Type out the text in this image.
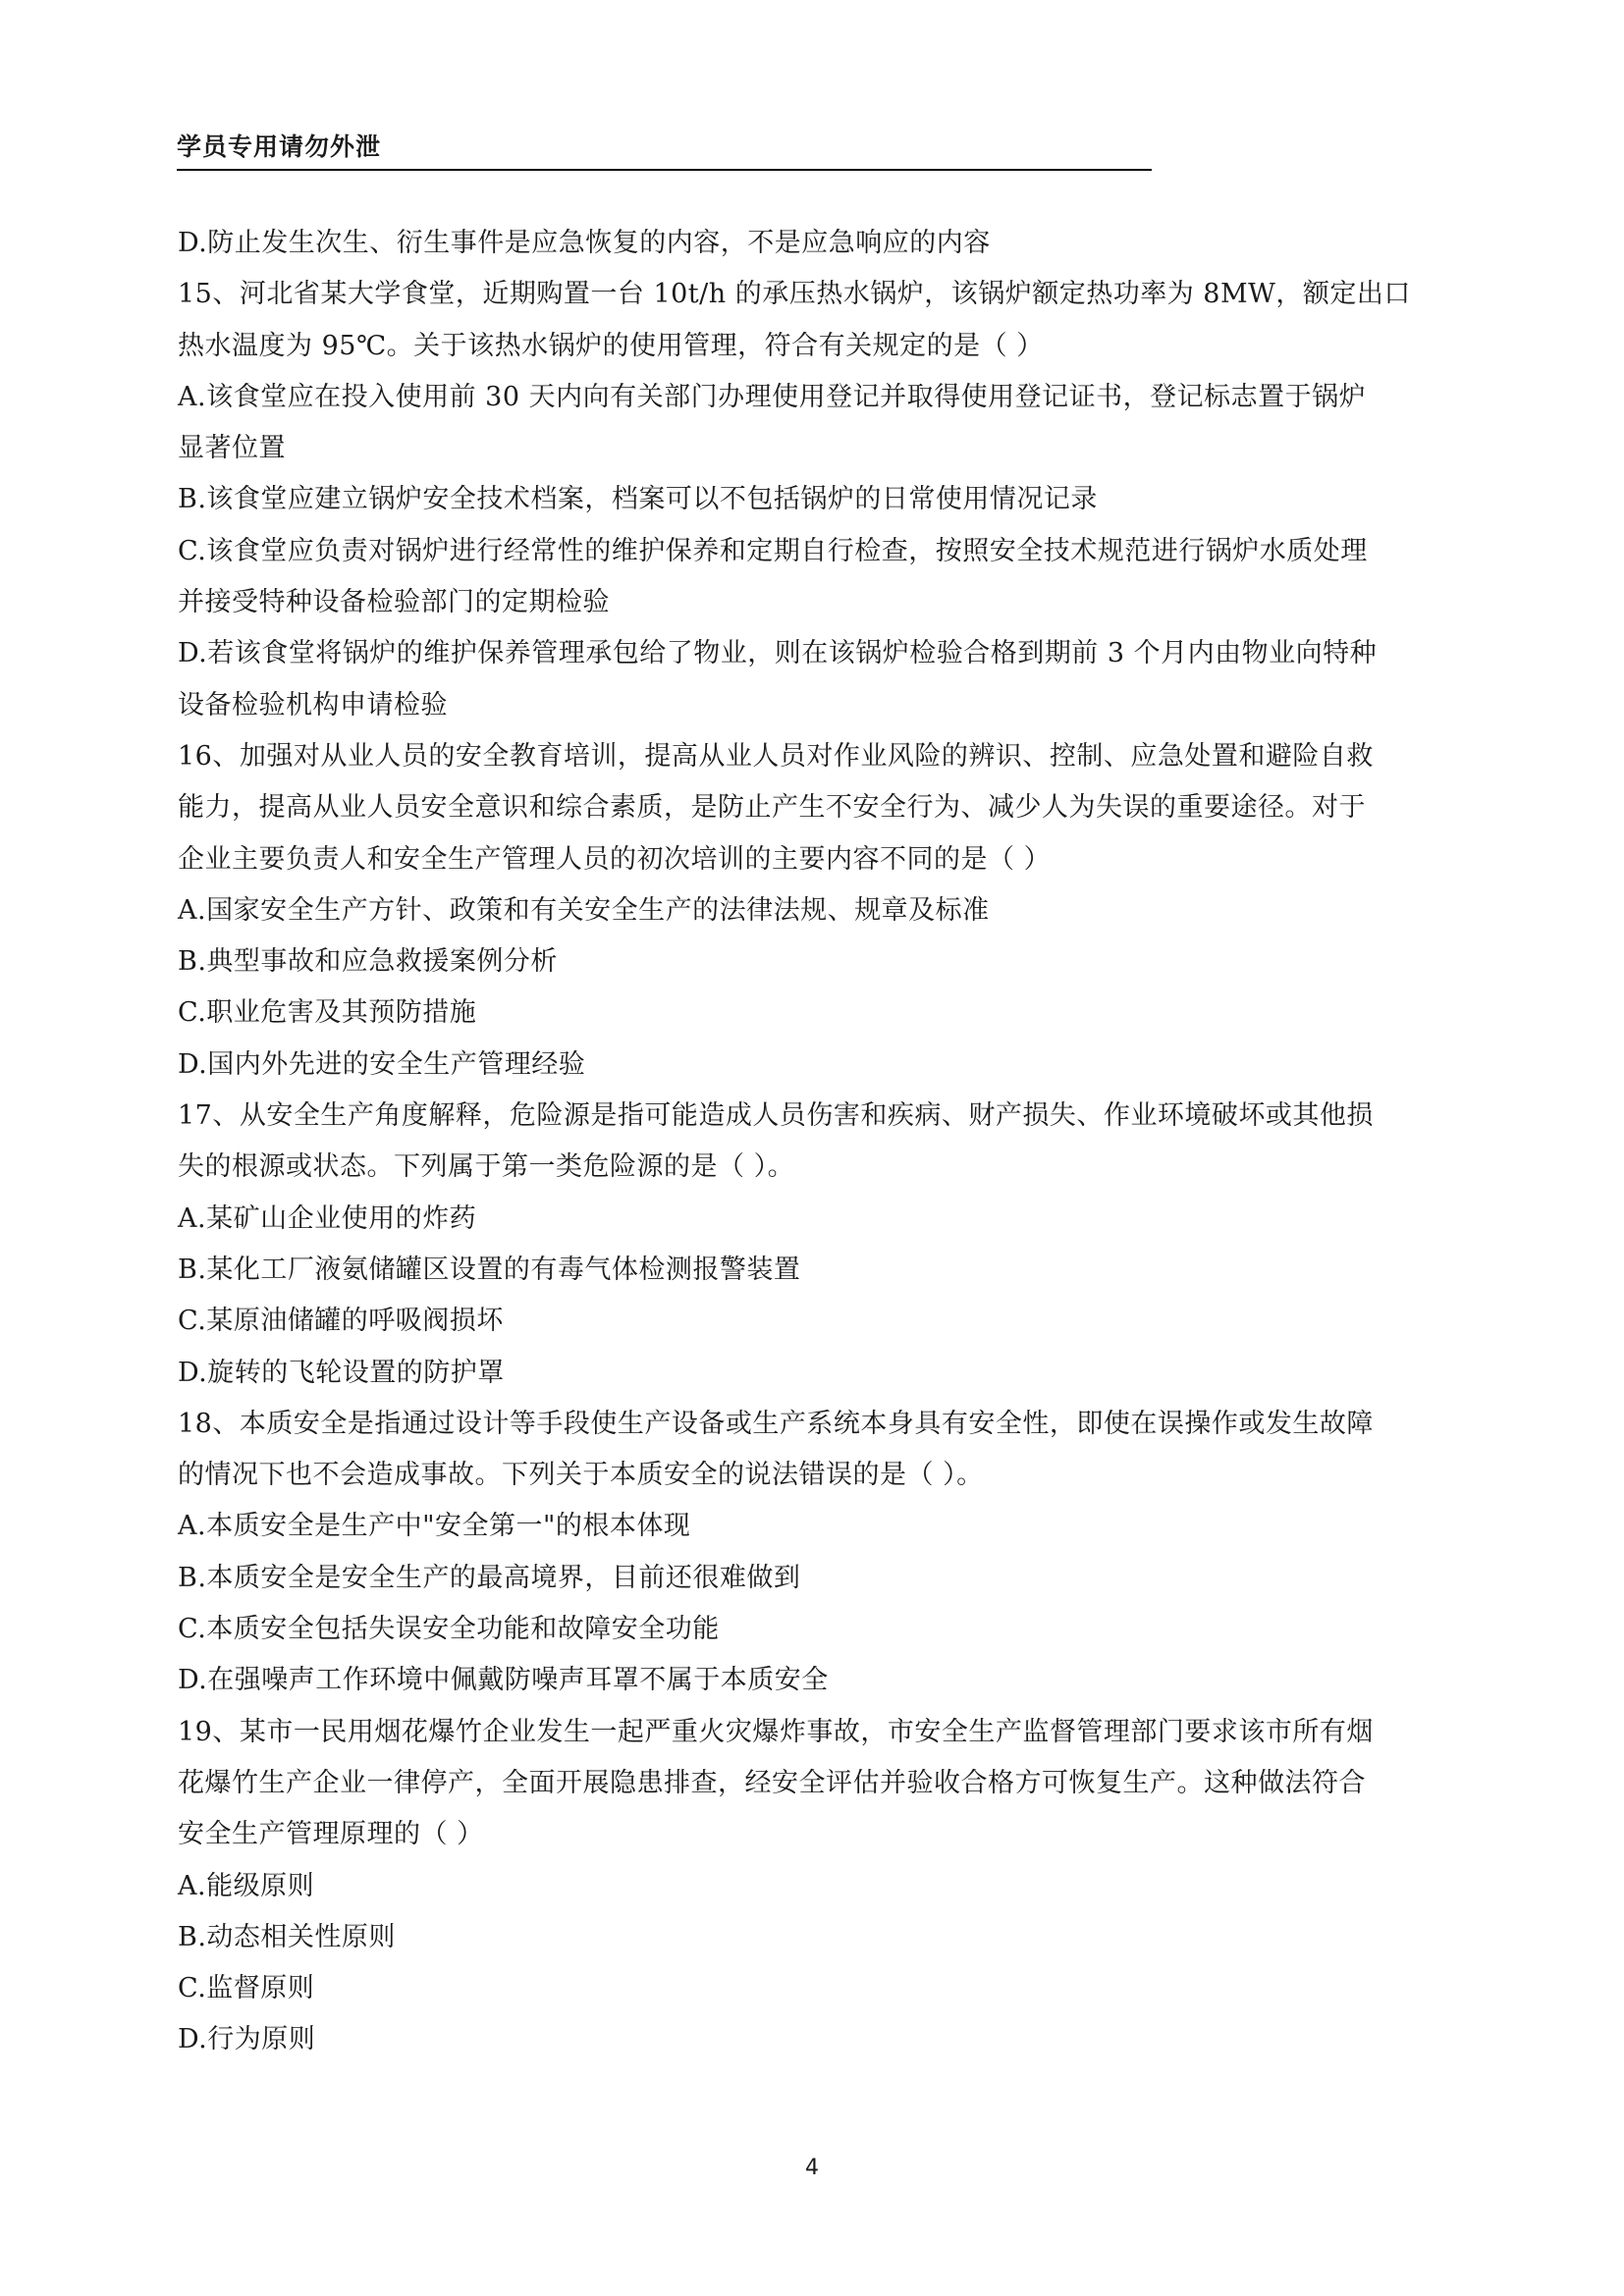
学员专用请勿外泄
D.防止发生次生、衍生事件是应急恢复的内容，不是应急响应的内容
15、河北省某大学食堂，近期购置一台 10t/h 的承压热水锅炉，该锅炉额定热功率为 8MW，额定出口
热水温度为 95℃。关于该热水锅炉的使用管理，符合有关规定的是（ ）
A.该食堂应在投入使用前 30 天内向有关部门办理使用登记并取得使用登记证书，登记标志置于锅炉
显著位置
B.该食堂应建立锅炉安全技术档案，档案可以不包括锅炉的日常使用情况记录
C.该食堂应负责对锅炉进行经常性的维护保养和定期自行检查，按照安全技术规范进行锅炉水质处理
并接受特种设备检验部门的定期检验
D.若该食堂将锅炉的维护保养管理承包给了物业，则在该锅炉检验合格到期前 3 个月内由物业向特种
设备检验机构申请检验
16、加强对从业人员的安全教育培训，提高从业人员对作业风险的辨识、控制、应急处置和避险自救
能力，提高从业人员安全意识和综合素质，是防止产生不安全行为、减少人为失误的重要途径。对于
企业主要负责人和安全生产管理人员的初次培训的主要内容不同的是（ ）
A.国家安全生产方针、政策和有关安全生产的法律法规、规章及标准
B.典型事故和应急救援案例分析
C.职业危害及其预防措施
D.国内外先进的安全生产管理经验
17、从安全生产角度解释，危险源是指可能造成人员伤害和疾病、财产损失、作业环境破坏或其他损
失的根源或状态。下列属于第一类危险源的是（ ）。
A.某矿山企业使用的炸药
B.某化工厂液氨储罐区设置的有毒气体检测报警装置
C.某原油储罐的呼吸阀损坏
D.旋转的飞轮设置的防护罩
18、本质安全是指通过设计等手段使生产设备或生产系统本身具有安全性，即使在误操作或发生故障
的情况下也不会造成事故。下列关于本质安全的说法错误的是（ ）。
A.本质安全是生产中"安全第一"的根本体现
B.本质安全是安全生产的最高境界，目前还很难做到
C.本质安全包括失误安全功能和故障安全功能
D.在强噪声工作环境中佩戴防噪声耳罩不属于本质安全
19、某市一民用烟花爆竹企业发生一起严重火灾爆炸事故，市安全生产监督管理部门要求该市所有烟
花爆竹生产企业一律停产，全面开展隐患排查，经安全评估并验收合格方可恢复生产。这种做法符合
安全生产管理原理的（ ）
A.能级原则
B.动态相关性原则
C.监督原则
D.行为原则
4
